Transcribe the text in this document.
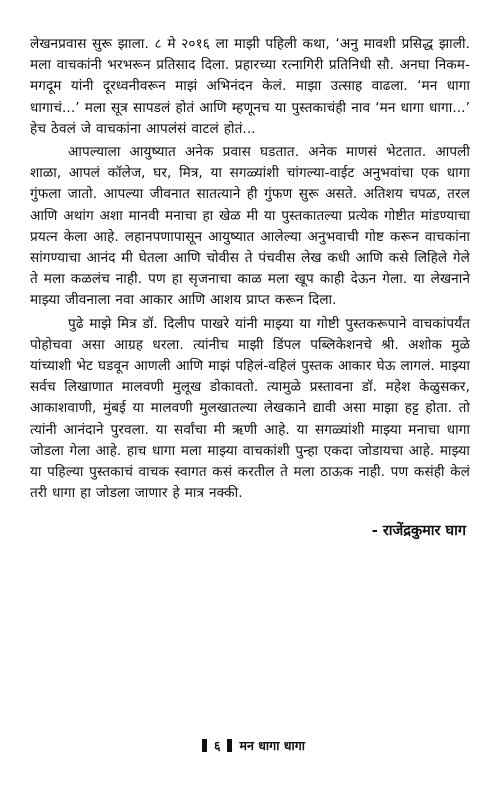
लेखनप्रवास सुरू झाला. ८ मे २०१६ ला माझी पहिली कथा, ‘अनु मावशी प्रसिद्ध झाली. मला वाचकांनी भरभरून प्रतिसाद दिला. प्रहारच्या रत्नागिरी प्रतिनिधी सौ. अनघा निकम-मगदूम यांनी दूरध्वनीवरून माझं अभिनंदन केलं. माझा उत्साह वाढला. ‘मन धागा धागाचं...’ मला सूत्र सापडलं होतं आणि म्हणूनच या पुस्तकाचंही नाव ‘मन धागा धागा...’ हेच ठेवलं जे वाचकांना आपलंसं वाटलं होतं...

आपल्याला आयुष्यात अनेक प्रवास घडतात. अनेक माणसं भेटतात. आपली शाळा, आपलं कॉलेज, घर, मित्र, या सगळ्यांशी चांगल्या-वाईट अनुभवांचा एक धागा गुंफला जातो. आपल्या जीवनात सातत्याने ही गुंफण सुरू असते. अतिशय चपळ, तरल आणि अथांग अशा मानवी मनाचा हा खेळ मी या पुस्तकातल्या प्रत्येक गोष्टीत मांडण्याचा प्रयत्न केला आहे. लहानपणापासून आयुष्यात आलेल्या अनुभवाची गोष्ट करून वाचकांना सांगण्याचा आनंद मी घेतला आणि चोवीस ते पंचवीस लेख कधी आणि कसे लिहिले गेले ते मला कळलंच नाही. पण हा सृजनाचा काळ मला खूप काही देऊन गेला. या लेखनाने माझ्या जीवनाला नवा आकार आणि आशय प्राप्त करून दिला.

पुढे माझे मित्र डॉ. दिलीप पाखरे यांनी माझ्या या गोष्टी पुस्तकरूपाने वाचकांपर्यंत पोहोचवा असा आग्रह धरला. त्यांनीच माझी डिंपल पब्लिकेशनचे श्री. अशोक मुळे यांच्याशी भेट घडवून आणली आणि माझं पहिलं-वहिलं पुस्तक आकार घेऊ लागलं. माझ्या सर्वच लिखाणात मालवणी मुलूख डोकावतो. त्यामुळे प्रस्तावना डॉ. महेश केळुसकर, आकाशवाणी, मुंबई या मालवणी मुलखातल्या लेखकाने द्यावी असा माझा हट्ट होता. तो त्यांनी आनंदाने पुरवला. या सर्वांचा मी ऋणी आहे. या सगळ्यांशी माझ्या मनाचा धागा जोडला गेला आहे. हाच धागा मला माझ्या वाचकांशी पुन्हा एकदा जोडायचा आहे. माझ्या या पहिल्या पुस्तकाचं वाचक स्वागत कसं करतील ते मला ठाऊक नाही. पण कसंही केलं तरी धागा हा जोडला जाणार हे मात्र नक्की.

- राजेंद्रकुमार घाग
६ मन धागा धागा
